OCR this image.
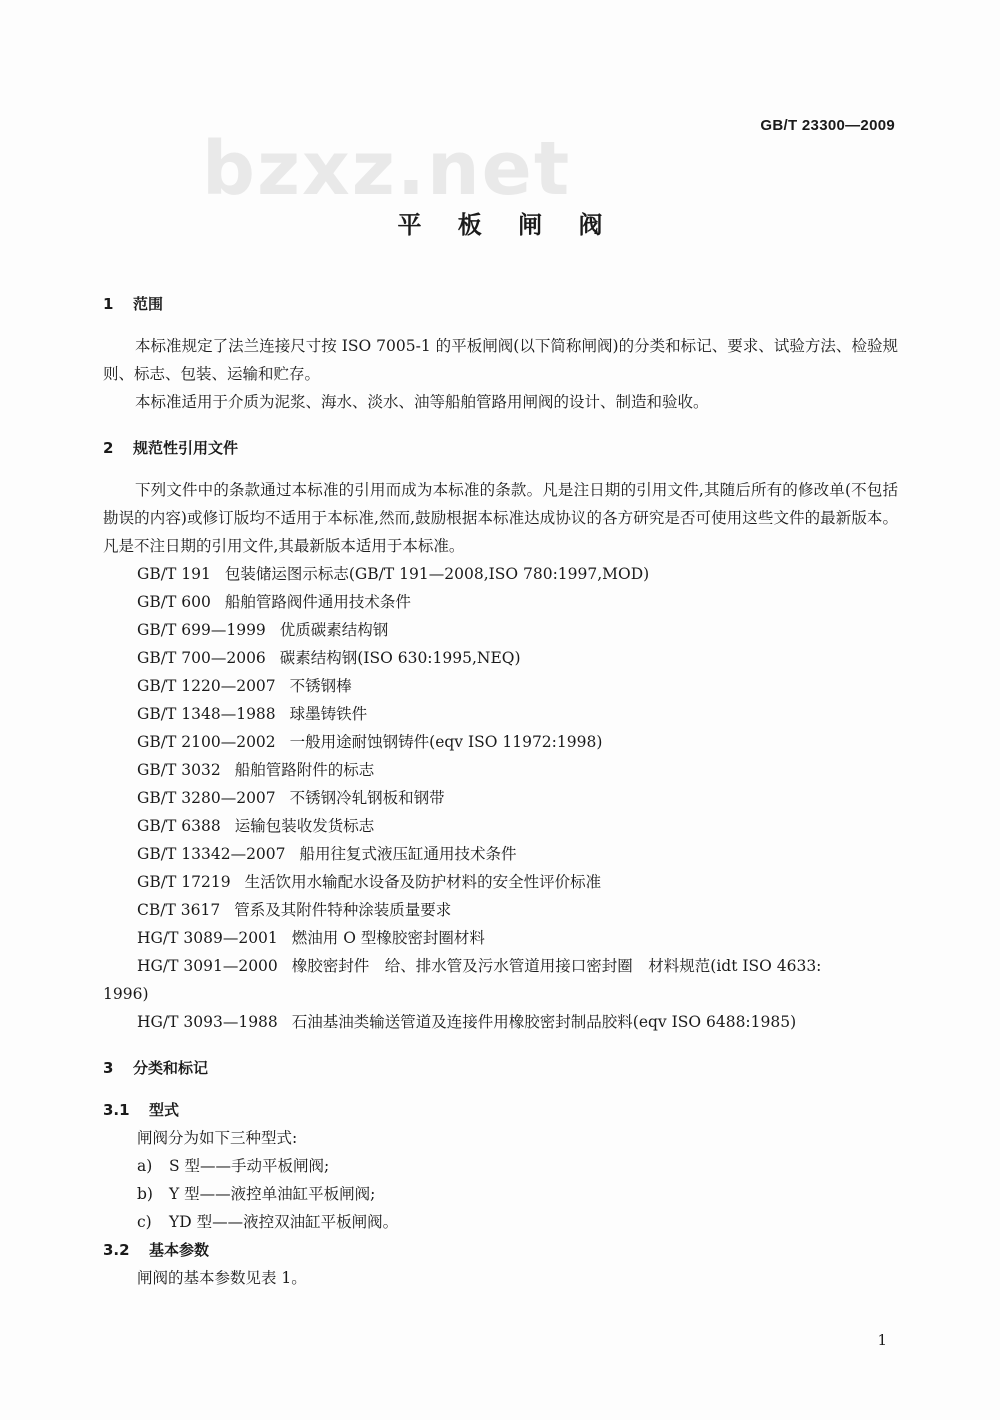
GB/T 23300—2009
bzxz.net
平 板 闸 阀
1 范围
本标准规定了法兰连接尺寸按 ISO 7005-1 的平板闸阀(以下简称闸阀)的分类和标记、要求、试验方法、检验规则、标志、包装、运输和贮存。
本标准适用于介质为泥浆、海水、淡水、油等船舶管路用闸阀的设计、制造和验收。
2 规范性引用文件
下列文件中的条款通过本标准的引用而成为本标准的条款。凡是注日期的引用文件,其随后所有的修改单(不包括勘误的内容)或修订版均不适用于本标准,然而,鼓励根据本标准达成协议的各方研究是否可使用这些文件的最新版本。凡是不注日期的引用文件,其最新版本适用于本标准。
GB/T 191 包装储运图示标志(GB/T 191—2008,ISO 780:1997,MOD)
GB/T 600 船舶管路阀件通用技术条件
GB/T 699—1999 优质碳素结构钢
GB/T 700—2006 碳素结构钢(ISO 630:1995,NEQ)
GB/T 1220—2007 不锈钢棒
GB/T 1348—1988 球墨铸铁件
GB/T 2100—2002 一般用途耐蚀钢铸件(eqv ISO 11972:1998)
GB/T 3032 船舶管路附件的标志
GB/T 3280—2007 不锈钢冷轧钢板和钢带
GB/T 6388 运输包装收发货标志
GB/T 13342—2007 船用往复式液压缸通用技术条件
GB/T 17219 生活饮用水输配水设备及防护材料的安全性评价标准
CB/T 3617 管系及其附件特种涂装质量要求
HG/T 3089—2001 燃油用 O 型橡胶密封圈材料
HG/T 3091—2000 橡胶密封件　给、排水管及污水管道用接口密封圈　材料规范(idt ISO 4633:
1996)
HG/T 3093—1988 石油基油类输送管道及连接件用橡胶密封制品胶料(eqv ISO 6488:1985)
3 分类和标记
3.1 型式
闸阀分为如下三种型式:
a) S 型——手动平板闸阀;
b) Y 型——液控单油缸平板闸阀;
c) YD 型——液控双油缸平板闸阀。
3.2 基本参数
闸阀的基本参数见表 1。
1
